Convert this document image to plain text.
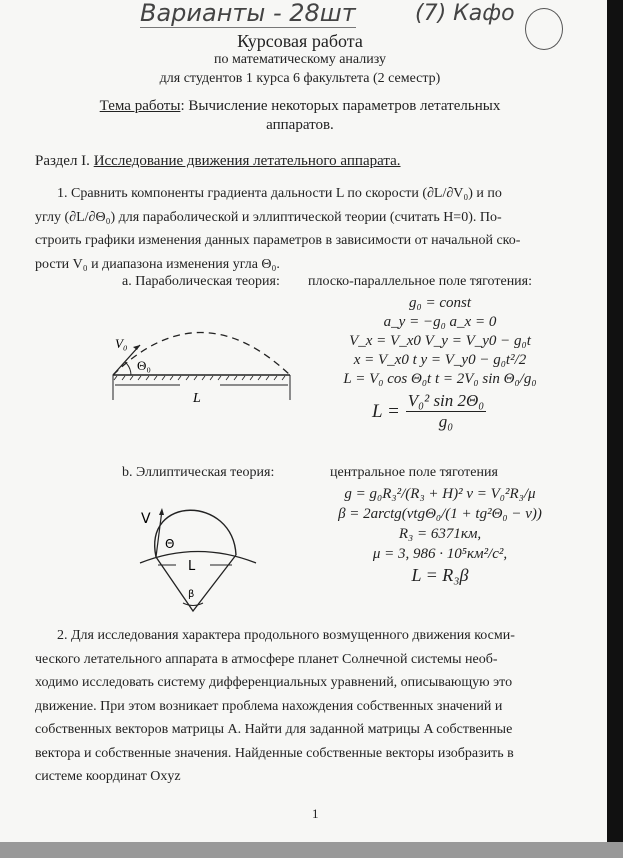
Варианты - 28шт	(7) Кафо
Курсовая работа
по математическому анализу
для студентов 1 курса 6 факультета (2 семестр)
Тема работы: Вычисление некоторых параметров летательных
аппаратов.
Раздел I. Исследование движения летательного аппарата.
1. Сравнить компоненты градиента дальности L по скорости (∂L/∂V₀) и по
углу (∂L/∂Θ₀) для параболической и эллиптической теории (считать H=0). По-
строить графики изменения данных параметров в зависимости от начальной ско-
рости V₀ и диапазона изменения угла Θ₀.
a. Параболическая теория: плоско-параллельное поле тяготения:
g₀ = const
a_y = −g₀ a_x = 0
V_x = V_x0 V_y = V_y0 − g₀t
x = V_x0 t y = V_y0 − g₀t²/2
L = V₀ cos Θ₀t t = 2V₀ sin Θ₀/g₀
$L = \frac{\text{V₀² sin 2Θ₀}}{\text{g₀}}$
V₀
Θ₀
L
b. Эллиптическая теория:	центральное поле тяготения
g = g₀R₃²/(R₃ + H)² ν = V₀²R₃/μ
β = 2arctg(νtgΘ₀/(1 + tg²Θ₀ − ν))
R₃ = 6371км,
μ = 3, 986 · 10⁵км²/c²,
L = R₃β
V
Θ
L
β
2. Для исследования характера продольного возмущенного движения косми-
ческого летательного аппарата в атмосфере планет Солнечной системы необ-
ходимо исследовать систему дифференциальных уравнений, описывающую это
движение. При этом возникает проблема нахождения собственных значений и
собственных векторов матрицы A. Найти для заданной матрицы A собственные
вектора и собственные значения. Найденные собственные векторы изобразить в
системе координат Oxyz
1
